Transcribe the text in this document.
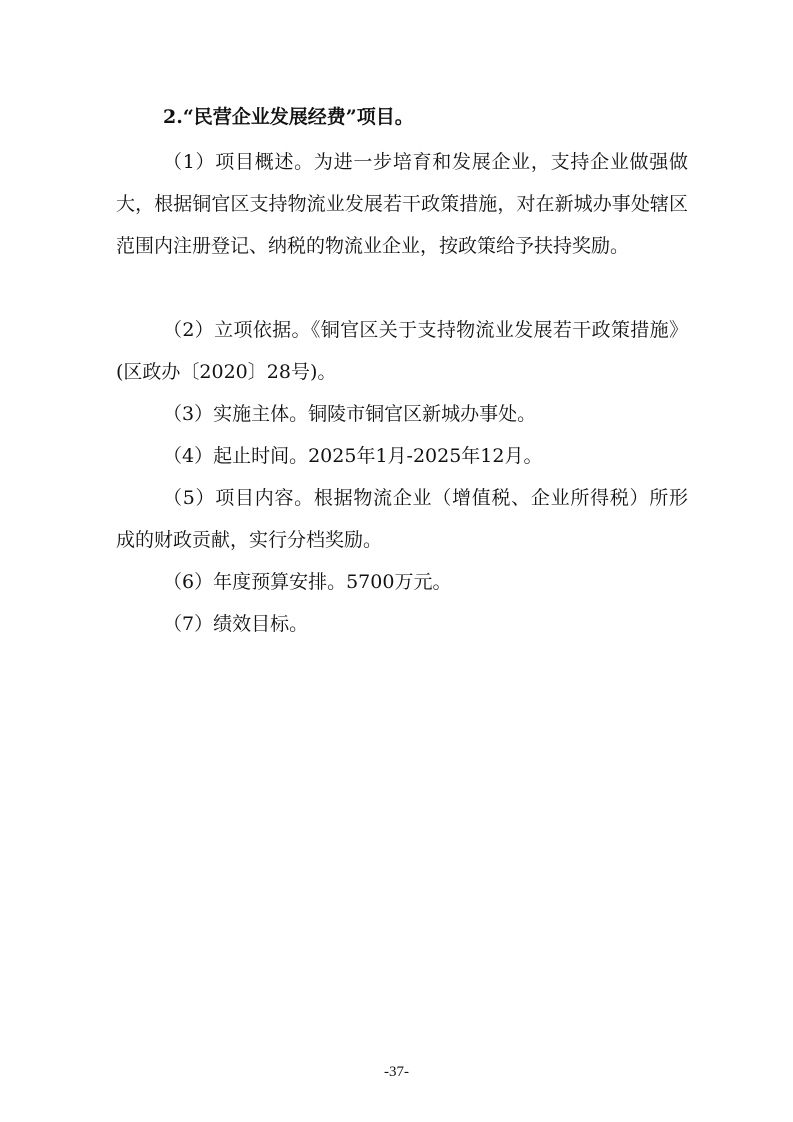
2.“民营企业发展经费”项目。

（1）项目概述。为进一步培育和发展企业，支持企业做强做大，根据铜官区支持物流业发展若干政策措施，对在新城办事处辖区范围内注册登记、纳税的物流业企业，按政策给予扶持奖励。

（2）立项依据。《铜官区关于支持物流业发展若干政策措施》(区政办〔2020〕28号)。

（3）实施主体。铜陵市铜官区新城办事处。

（4）起止时间。2025年1月-2025年12月。

（5）项目内容。根据物流企业（增值税、企业所得税）所形成的财政贡献，实行分档奖励。

（6）年度预算安排。5700万元。

（7）绩效目标。

-37-
